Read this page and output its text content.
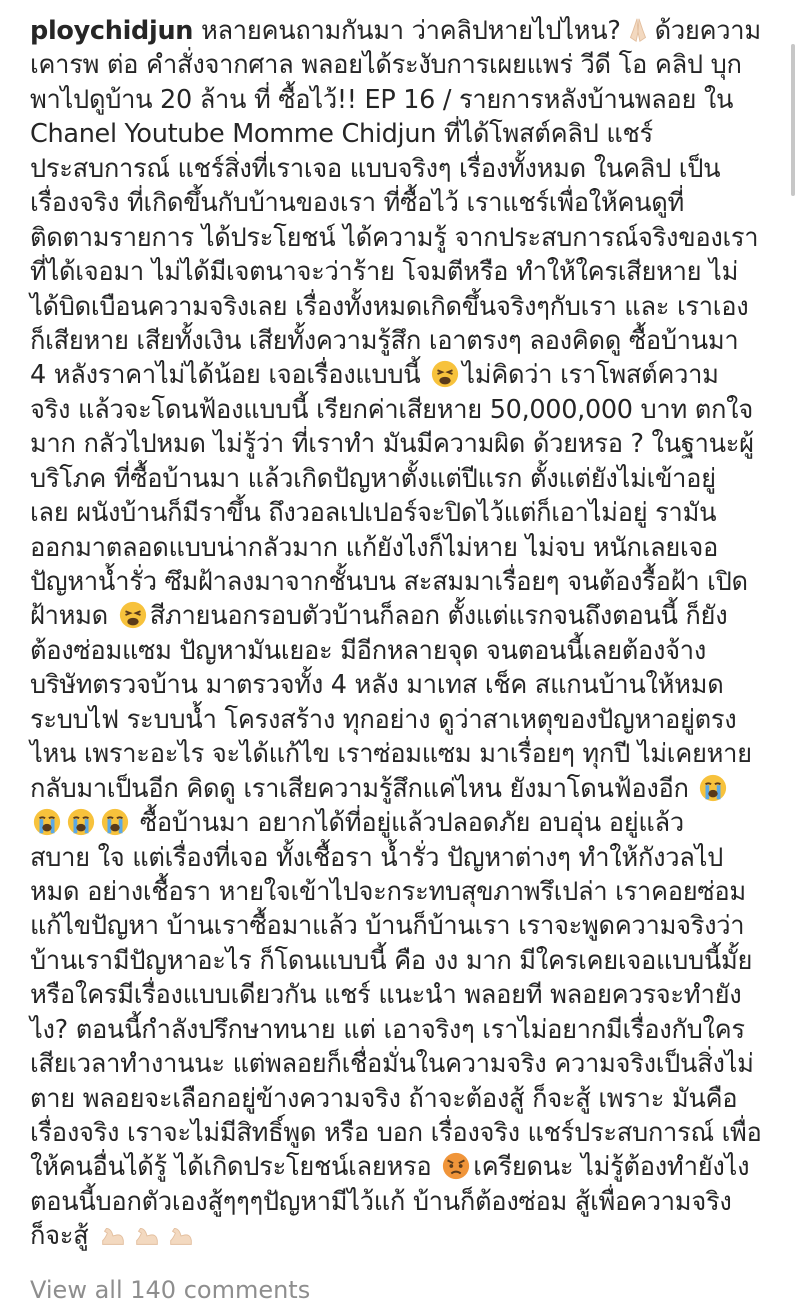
ploychidjun หลายคนถามกันมา ว่าคลิปหายไปไหน? ด้วยความ
เคารพ ต่อ คำสั่งจากศาล พลอยได้ระงับการเผยแพร่ วีดี โอ คลิป บุก
พาไปดูบ้าน 20 ล้าน ที่ ซื้อไว้!! EP 16 / รายการหลังบ้านพลอย ใน
Chanel Youtube Momme Chidjun ที่ได้โพสต์คลิป แชร์
ประสบการณ์ แชร์สิ่งที่เราเจอ แบบจริงๆ เรื่องทั้งหมด ในคลิป เป็น
เรื่องจริง ที่เกิดขึ้นกับบ้านของเรา ที่ซื้อไว้ เราแชร์เพื่อให้คนดูที่
ติดตามรายการ ได้ประโยชน์ ได้ความรู้ จากประสบการณ์จริงของเรา
ที่ได้เจอมา ไม่ได้มีเจตนาจะว่าร้าย โจมตีหรือ ทำให้ใครเสียหาย ไม่
ได้บิดเบือนความจริงเลย เรื่องทั้งหมดเกิดขึ้นจริงๆกับเรา และ เราเอง
ก็เสียหาย เสียทั้งเงิน เสียทั้งความรู้สึก เอาตรงๆ ลองคิดดู ซื้อบ้านมา
4 หลังราคาไม่ได้น้อย เจอเรื่องแบบนี้ ไม่คิดว่า เราโพสต์ความ
จริง แล้วจะโดนฟ้องแบบนี้ เรียกค่าเสียหาย 50,000,000 บาท ตกใจ
มาก กลัวไปหมด ไม่รู้ว่า ที่เราทำ มันมีความผิด ด้วยหรอ ? ในฐานะผู้
บริโภค ที่ซื้อบ้านมา แล้วเกิดปัญหาตั้งแต่ปีแรก ตั้งแต่ยังไม่เข้าอยู่
เลย ผนังบ้านก็มีราขึ้น ถึงวอลเปเปอร์จะปิดไว้แต่ก็เอาไม่อยู่ รามัน
ออกมาตลอดแบบน่ากลัวมาก แก้ยังไงก็ไม่หาย ไม่จบ หนักเลยเจอ
ปัญหาน้ำรั่ว ซึมฝ้าลงมาจากชั้นบน สะสมมาเรื่อยๆ จนต้องรื้อฝ้า เปิด
ฝ้าหมด สีภายนอกรอบตัวบ้านก็ลอก ตั้งแต่แรกจนถึงตอนนี้ ก็ยัง
ต้องซ่อมแซม ปัญหามันเยอะ มีอีกหลายจุด จนตอนนี้เลยต้องจ้าง
บริษัทตรวจบ้าน มาตรวจทั้ง 4 หลัง มาเทส เช็ค สแกนบ้านให้หมด
ระบบไฟ ระบบน้ำ โครงสร้าง ทุกอย่าง ดูว่าสาเหตุของปัญหาอยู่ตรง
ไหน เพราะอะไร จะได้แก้ไข เราซ่อมแซม มาเรื่อยๆ ทุกปี ไม่เคยหาย
กลับมาเป็นอีก คิดดู เราเสียความรู้สึกแค่ไหน ยังมาโดนฟ้องอีก
ซื้อบ้านมา อยากได้ที่อยู่แล้วปลอดภัย อบอุ่น อยู่แล้ว
สบาย ใจ แต่เรื่องที่เจอ ทั้งเชื้อรา น้ำรั่ว ปัญหาต่างๆ ทำให้กังวลไป
หมด อย่างเชื้อรา หายใจเข้าไปจะกระทบสุขภาพรึเปล่า เราคอยซ่อม
แก้ไขปัญหา บ้านเราซื้อมาแล้ว บ้านก็บ้านเรา เราจะพูดความจริงว่า
บ้านเรามีปัญหาอะไร ก็โดนแบบนี้ คือ งง มาก มีใครเคยเจอแบบนี้มั้ย
หรือใครมีเรื่องแบบเดียวกัน แชร์ แนะนำ พลอยที พลอยควรจะทำยัง
ไง? ตอนนี้กำลังปรึกษาทนาย แต่ เอาจริงๆ เราไม่อยากมีเรื่องกับใคร
เสียเวลาทำงานนะ แต่พลอยก็เชื่อมั่นในความจริง ความจริงเป็นสิ่งไม่
ตาย พลอยจะเลือกอยู่ข้างความจริง ถ้าจะต้องสู้ ก็จะสู้ เพราะ มันคือ
เรื่องจริง เราจะไม่มีสิทธิ์พูด หรือ บอก เรื่องจริง แชร์ประสบการณ์ เพื่อ
ให้คนอื่นได้รู้ ได้เกิดประโยชน์เลยหรอ เครียดนะ ไม่รู้ต้องทำยังไง
ตอนนี้บอกตัวเองสู้ๆๆๆปัญหามีไว้แก้ บ้านก็ต้องซ่อม สู้เพื่อความจริง
ก็จะสู้
View all 140 comments
